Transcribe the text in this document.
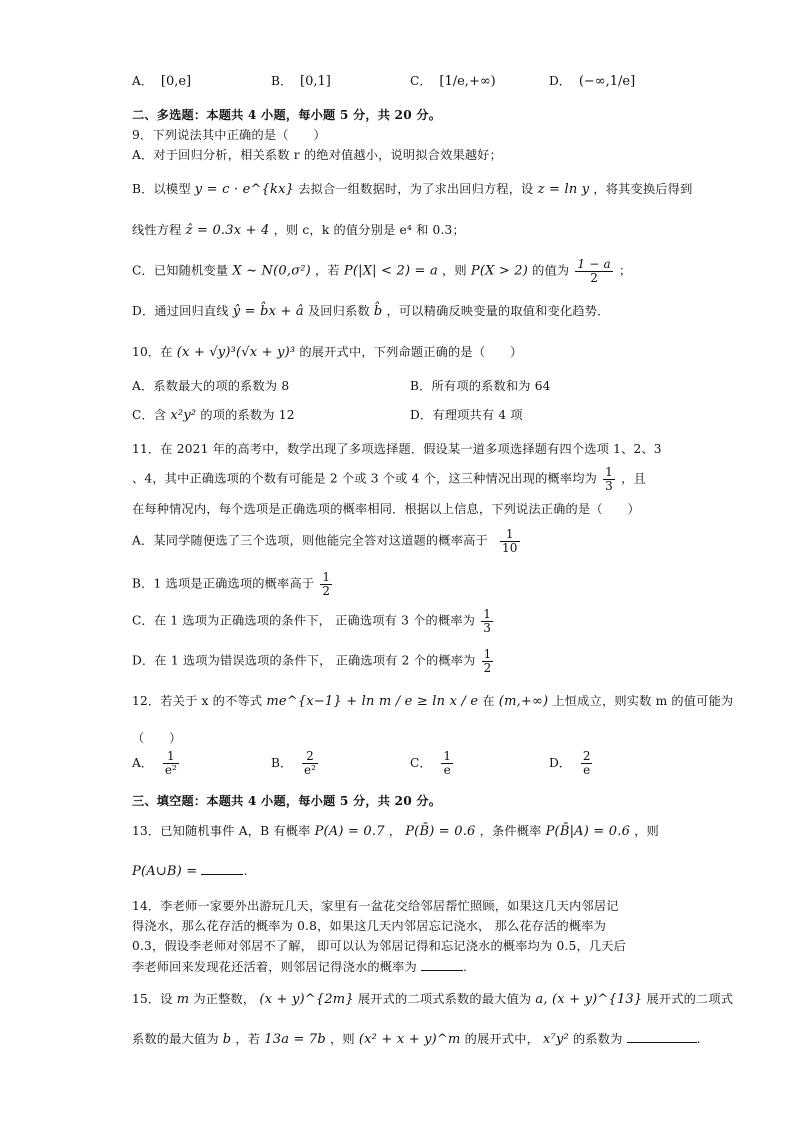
A． [0,e]	B． [0,1]	C． [1/e,+∞)	D． (−∞,1/e]
二、多选题：本题共 4 小题，每小题 5 分，共 20 分。
9．下列说法其中正确的是（　　）
A．对于回归分析，相关系数 r 的绝对值越小，说明拟合效果越好；
B．以模型 y = c · e^{kx} 去拟合一组数据时，为了求出回归方程，设 z = ln y ，将其变换后得到
线性方程 ẑ = 0.3x + 4 ，则 c，k 的值分别是 e⁴ 和 0.3；
C．已知随机变量 X ~ N(0,σ²) ，若 P(|X| < 2) = a ，则 P(X > 2) 的值为 $\frac{1 - a}{2}$ ；
D．通过回归直线 ŷ = b̂x + â 及回归系数 b̂ ，可以精确反映变量的取值和变化趋势．
10．在 (x + √y)³(√x + y)³ 的展开式中，下列命题正确的是（　　）
A．系数最大的项的系数为 8	B．所有项的系数和为 64
C．含 x²y² 的项的系数为 12	D．有理项共有 4 项
11．在 2021 年的高考中，数学出现了多项选择题．假设某一道多项选择题有四个选项 1、2、3
、4，其中正确选项的个数有可能是 2 个或 3 个或 4 个，这三种情况出现的概率均为 $\frac{1}{3}$ ，且
在每种情况内，每个选项是正确选项的概率相同．根据以上信息，下列说法正确的是（　　）
A．某同学随便选了三个选项，则他能完全答对这道题的概率高于 $\frac{1}{10}$
B．1 选项是正确选项的概率高于 $\frac{1}{2}$
C．在 1 选项为正确选项的条件下， 正确选项有 3 个的概率为 $\frac{1}{3}$
D．在 1 选项为错误选项的条件下， 正确选项有 2 个的概率为 $\frac{1}{2}$
12．若关于 x 的不等式 me^{x−1} + ln m / e ≥ ln x / e 在 (m,+∞) 上恒成立，则实数 m 的值可能为
（　　）
A． $\frac{1}{\text{e²}}$	B． $\frac{2}{\text{e²}}$	C． $\frac{1}{e}$	D． $\frac{2}{e}$
三、填空题：本题共 4 小题，每小题 5 分，共 20 分。
13．已知随机事件 A，B 有概率 P(A) = 0.7 ， P(B̄) = 0.6 ，条件概率 P(B̄|A) = 0.6 ，则
P(A∪B) =	.
14．李老师一家要外出游玩几天，家里有一盆花交给邻居帮忙照顾，如果这几天内邻居记
得浇水，那么花存活的概率为 0.8，如果这几天内邻居忘记浇水， 那么花存活的概率为
0.3，假设李老师对邻居不了解， 即可以认为邻居记得和忘记浇水的概率均为 0.5，几天后
李老师回来发现花还活着，则邻居记得浇水的概率为	.
15．设 m 为正整数， (x + y)^{2m} 展开式的二项式系数的最大值为 a, (x + y)^{13} 展开式的二项式
系数的最大值为 b ，若 13a = 7b ，则 (x² + x + y)^m 的展开式中， x⁷y² 的系数为	.
